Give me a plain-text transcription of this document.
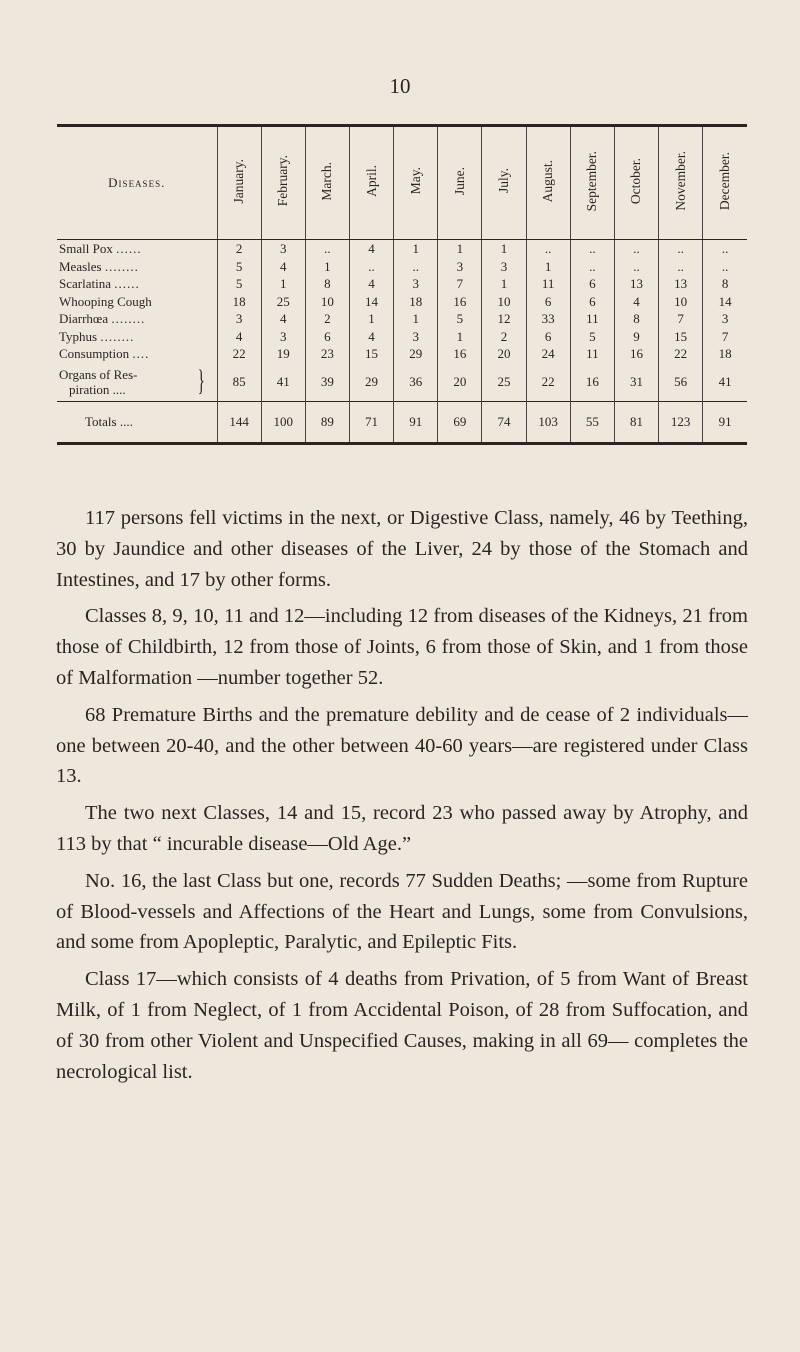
10
Diseases.	January.	February.	March.	April.	May.	June.	July.	August.	September.	October.	November.	December.
Small Pox ......	2	3	..	4	1	1	1	..	..	..	..	..
Measles ........	5	4	1	..	..	3	3	1	..	..	..	..
Scarlatina ......	5	1	8	4	3	7	1	11	6	13	13	8
Whooping Cough	18	25	10	14	18	16	10	6	6	4	10	14
Diarrhœa ........	3	4	2	1	1	5	12	33	11	8	7	3
Typhus ........	4	3	6	4	3	1	2	6	5	9	15	7
Consumption ....	22	19	23	15	29	16	20	24	11	16	22	18

Organs of Res-
piration .... }	85	41	39	29	36	20	25	22	16	31	56	41
Totals ....	144	100	89	71	91	69	74	103	55	81	123	91

117 persons fell victims in the next, or Digestive Class, namely, 46 by Teething, 30 by Jaundice and other diseases of the Liver, 24 by those of the Stomach and Intestines, and 17 by other forms.

Classes 8, 9, 10, 11 and 12—including 12 from diseases of the Kidneys, 21 from those of Childbirth, 12 from those of Joints, 6 from those of Skin, and 1 from those of Malformation —number together 52.

68 Premature Births and the premature debility and de cease of 2 individuals—one between 20-40, and the other between 40-60 years—are registered under Class 13.

The two next Classes, 14 and 15, record 23 who passed away by Atrophy, and 113 by that “ incurable disease—Old Age.”

No. 16, the last Class but one, records 77 Sudden Deaths; —some from Rupture of Blood-vessels and Affections of the Heart and Lungs, some from Convulsions, and some from Apopleptic, Paralytic, and Epileptic Fits.

Class 17—which consists of 4 deaths from Privation, of 5 from Want of Breast Milk, of 1 from Neglect, of 1 from Accidental Poison, of 28 from Suffocation, and of 30 from other Violent and Unspecified Causes, making in all 69— completes the necrological list.
